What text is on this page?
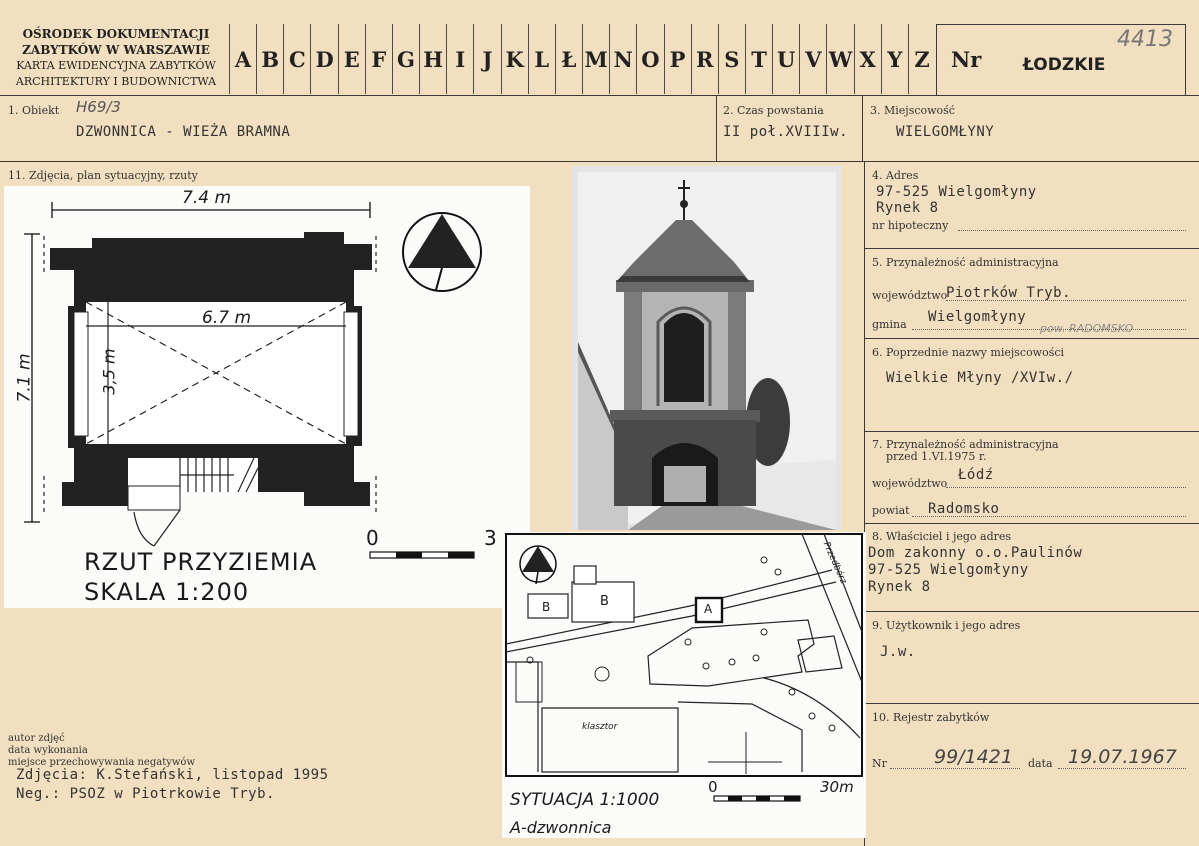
OŚRODEK DOKUMENTACJI
ZABYTKÓW W WARSZAWIE
KARTA EWIDENCYJNA ZABYTKÓW
ARCHITEKTURY I BUDOWNICTWA
A B C D E F G H I J K L Ł M N O P R S T U V W X Y Z Nr ŁODZKIE
4413
1. Obiekt H69/3
DZWONNICA - WIEŻA BRAMNA
2. Czas powstania
II poł.XVIIIw.
3. Miejscowość
WIELGOMŁYNY
11. Zdjęcia, plan sytuacyjny, rzuty	4. Adres
97-525 Wielgomłyny
Rynek 8
nr hipoteczny
5. Przynależność administracyjna
województwo
Piotrków Tryb.
gmina Wielgomłyny
pow. RADOMSKO
6. Poprzednie nazwy miejscowości
Wielkie Młyny /XVIw./
7. Przynależność administracyjna
przed 1.VI.1975 r.
województwo
Łódź
powiat Radomsko
8. Właściciel i jego adres
Dom zakonny o.o.Paulinów
97-525 Wielgomłyny
Rynek 8
9. Użytkownik i jego adres
J.w.
10. Rejestr zabytków
Nr 99/1421 data 19.07.1967
autor zdjęć
data wykonania
miejsce przechowywania negatywów
Zdjęcia: K.Stefański, listopad 1995
Neg.: PSOZ w Piotrkowie Tryb.
7.4 m
6.7 m
7.1 m	3,5 m
0	3
RZUT PRZYZIEMIA
SKALA 1:200
B	B	A
klasztor
Przedbórz
0	30m
SYTUACJA 1:1000
A-dzwonnica
